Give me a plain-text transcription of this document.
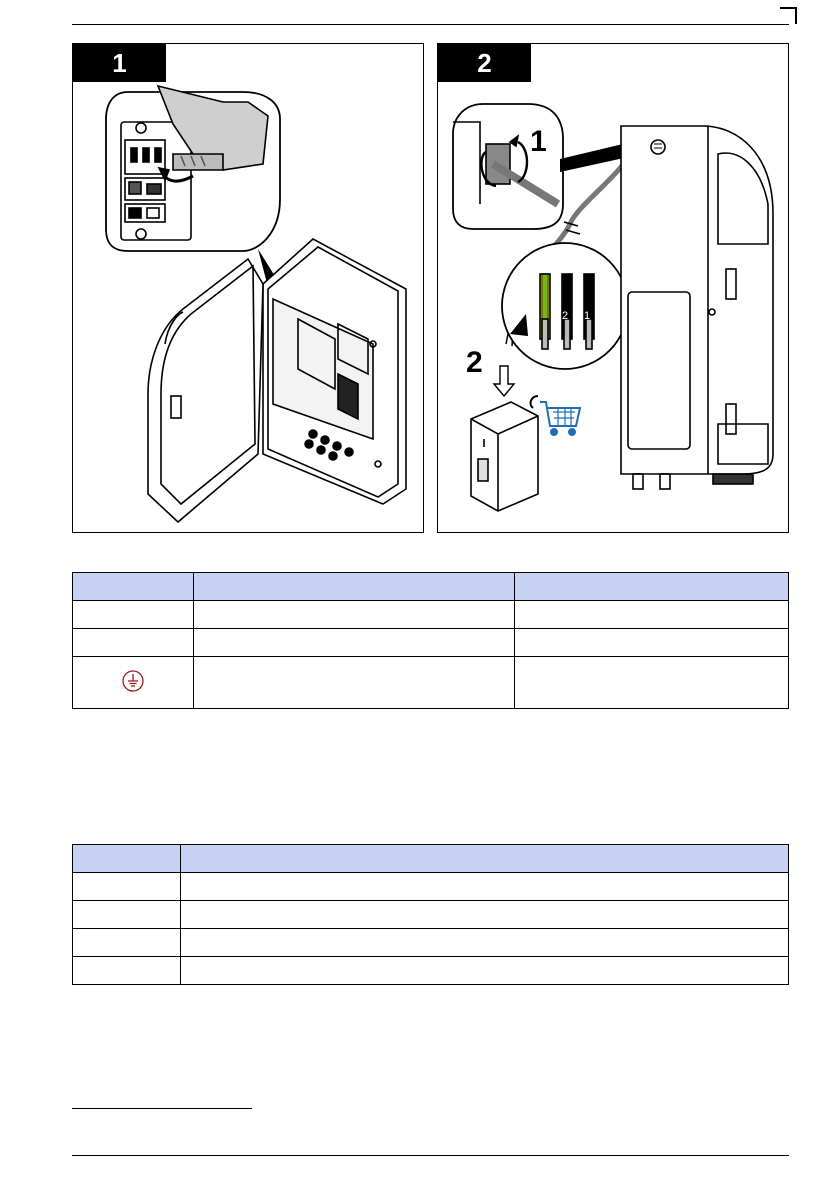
1	2
1
2 1
2
